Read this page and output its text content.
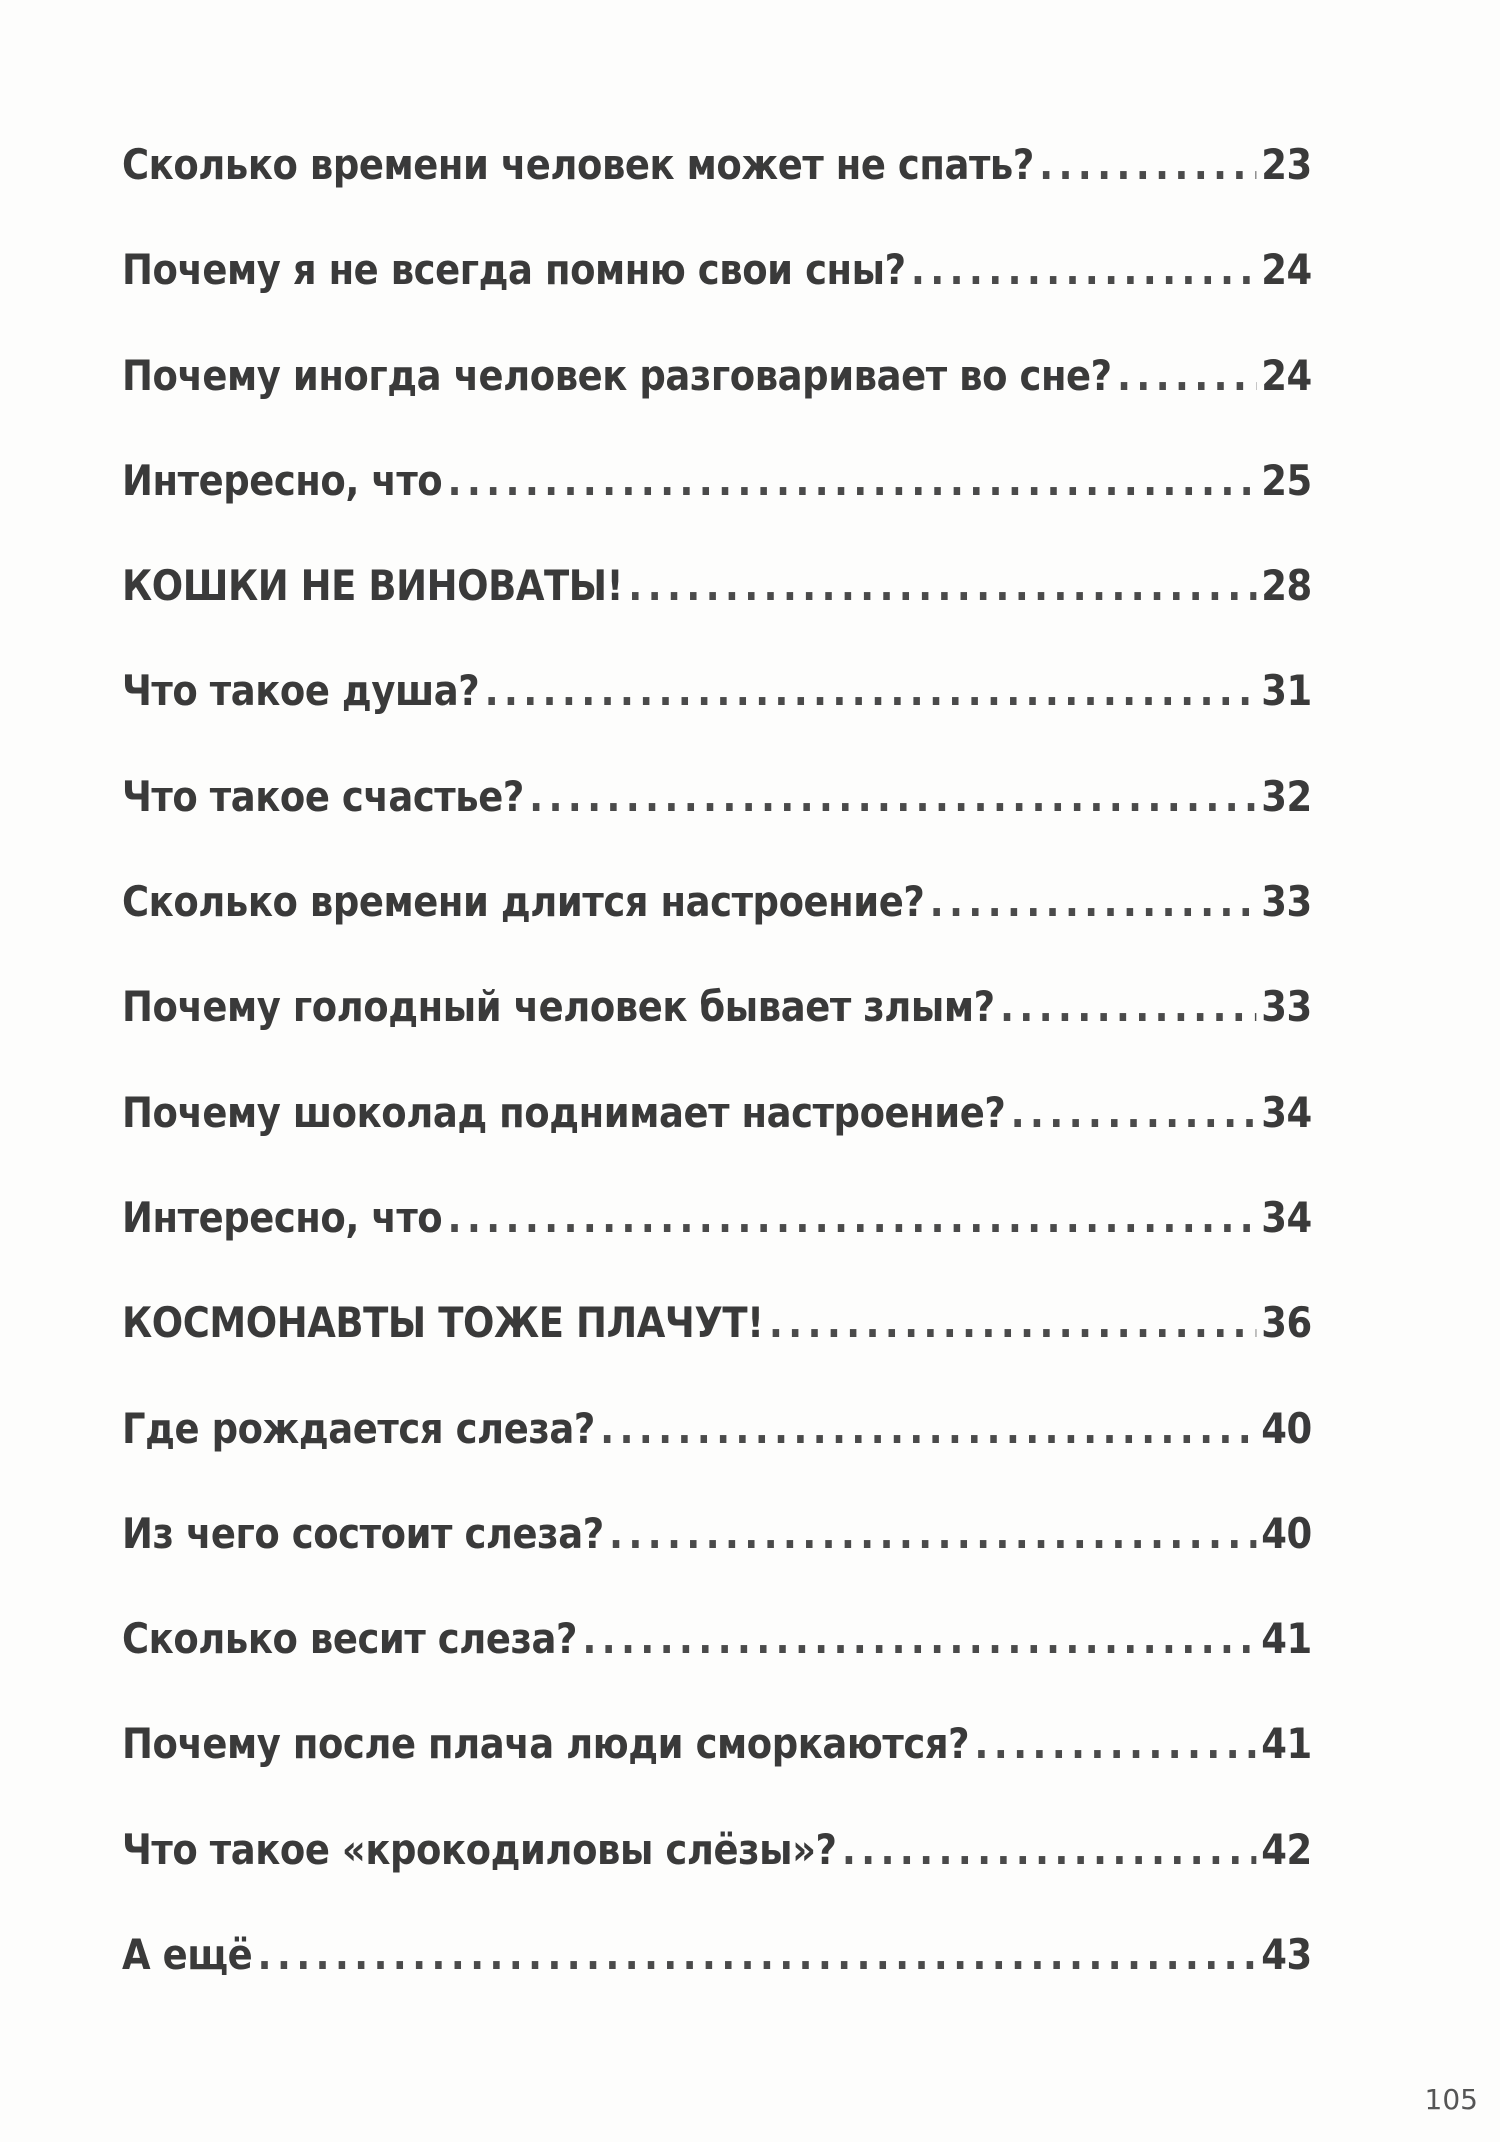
Сколько времени человек может не спать? .....	23
Почему я не всегда помню свои сны? .....	24
Почему иногда человек разговаривает во сне? .....	24
Интересно, что .....	25
КОШКИ НЕ ВИНОВАТЫ! .....	28
Что такое душа? .....	31
Что такое счастье? .....	32
Сколько времени длится настроение? .....	33
Почему голодный человек бывает злым? .....	33
Почему шоколад поднимает настроение? .....	34
Интересно, что .....	34
КОСМОНАВТЫ ТОЖЕ ПЛАЧУТ! .....	36
Где рождается слеза? .....	40
Из чего состоит слеза? .....	40
Сколько весит слеза? .....	41
Почему после плача люди сморкаются? .....	41
Что такое «крокодиловы слёзы»? .....	42
А ещё .....	43
105
